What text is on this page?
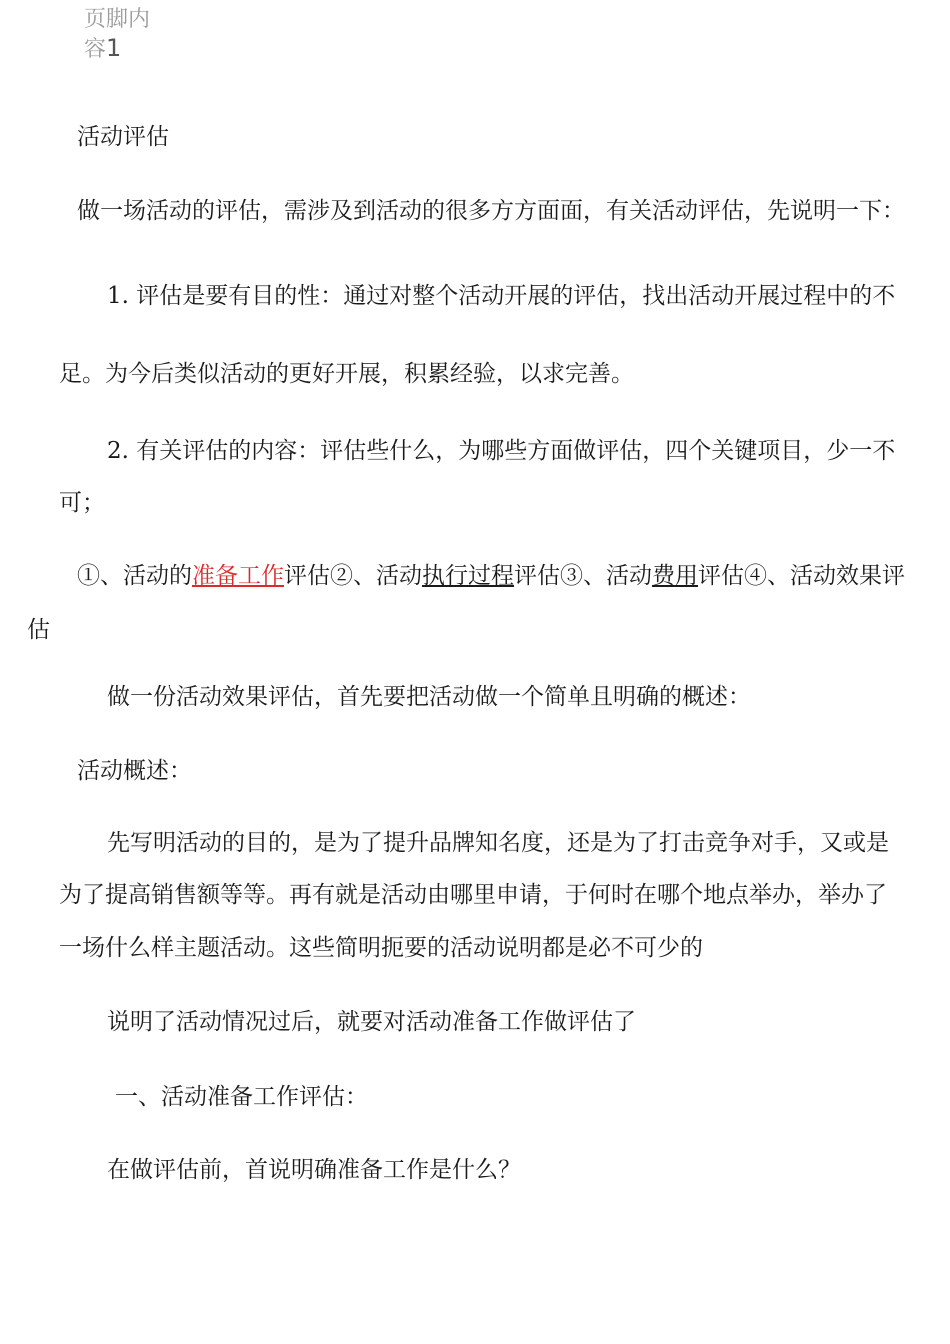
页脚内
容1

活动评估

做一场活动的评估，需涉及到活动的很多方方面面，有关活动评估，先说明一下：

1. 评估是要有目的性：通过对整个活动开展的评估，找出活动开展过程中的不

足。为今后类似活动的更好开展，积累经验，以求完善。

2. 有关评估的内容：评估些什么，为哪些方面做评估，四个关键项目，少一不

可；

①、活动的准备工作评估②、活动执行过程评估③、活动费用评估④、活动效果评

估

做一份活动效果评估，首先要把活动做一个简单且明确的概述：

活动概述：

先写明活动的目的，是为了提升品牌知名度，还是为了打击竞争对手，又或是

为了提高销售额等等。再有就是活动由哪里申请，于何时在哪个地点举办，举办了

一场什么样主题活动。这些简明扼要的活动说明都是必不可少的

说明了活动情况过后，就要对活动准备工作做评估了

一、活动准备工作评估：

在做评估前，首说明确准备工作是什么？
